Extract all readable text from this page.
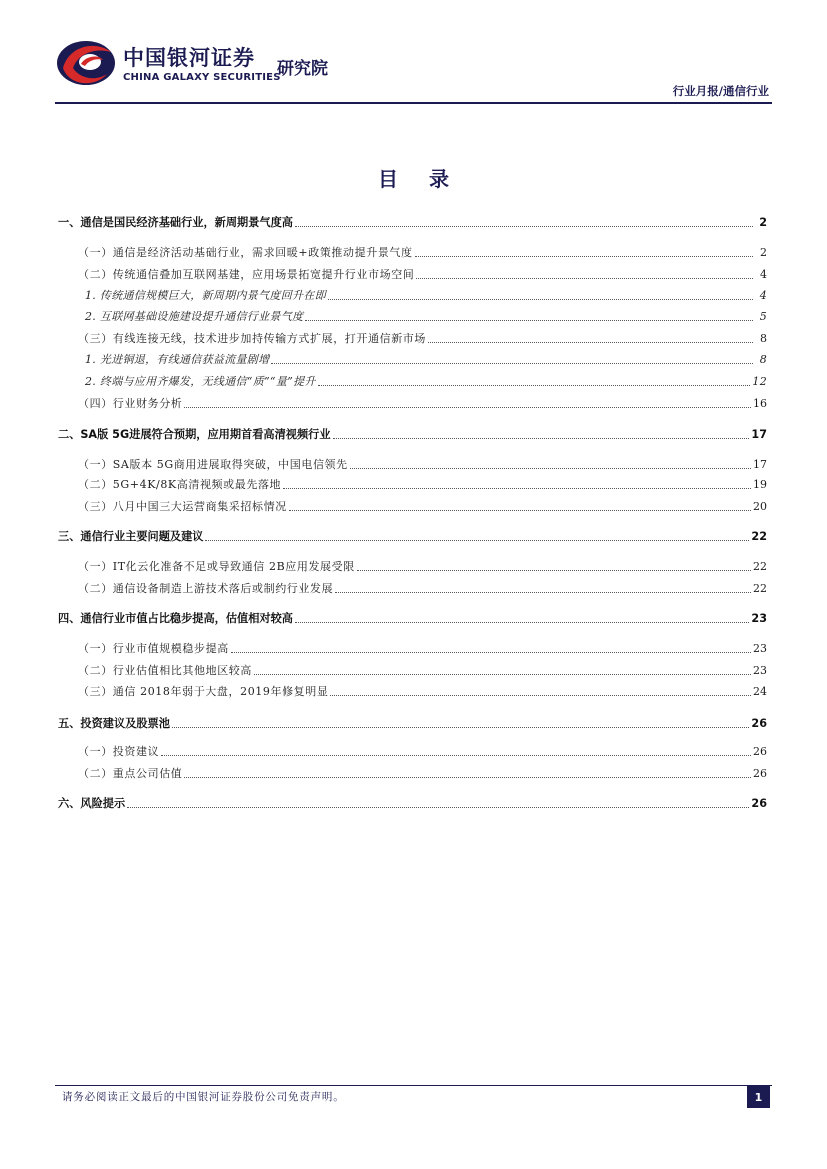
中国银河证券
CHINA GALAXY SECURITIES
研究院
行业月报/通信行业
目 录
一、通信是国民经济基础行业，新周期景气度高	2
（一）通信是经济活动基础行业，需求回暖+政策推动提升景气度	2
（二）传统通信叠加互联网基建，应用场景拓宽提升行业市场空间	4
1. 传统通信规模巨大，新周期内景气度回升在即	4
2. 互联网基础设施建设提升通信行业景气度	5
（三）有线连接无线，技术进步加持传输方式扩展，打开通信新市场	8
1. 光进铜退，有线通信获益流量剧增	8
2. 终端与应用齐爆发，无线通信“质”“量”提升	12
（四）行业财务分析	16
二、SA版 5G进展符合预期，应用期首看高清视频行业	17
（一）SA版本 5G商用进展取得突破，中国电信领先	17
（二）5G+4K/8K高清视频或最先落地	19
（三）八月中国三大运营商集采招标情况	20
三、通信行业主要问题及建议	22
（一）IT化云化准备不足或导致通信 2B应用发展受限	22
（二）通信设备制造上游技术落后或制约行业发展	22
四、通信行业市值占比稳步提高，估值相对较高	23
（一）行业市值规模稳步提高	23
（二）行业估值相比其他地区较高	23
（三）通信 2018年弱于大盘，2019年修复明显	24
五、投资建议及股票池	26
（一）投资建议	26
（二）重点公司估值	26
六、风险提示	26
请务必阅读正文最后的中国银河证券股份公司免责声明。	1
